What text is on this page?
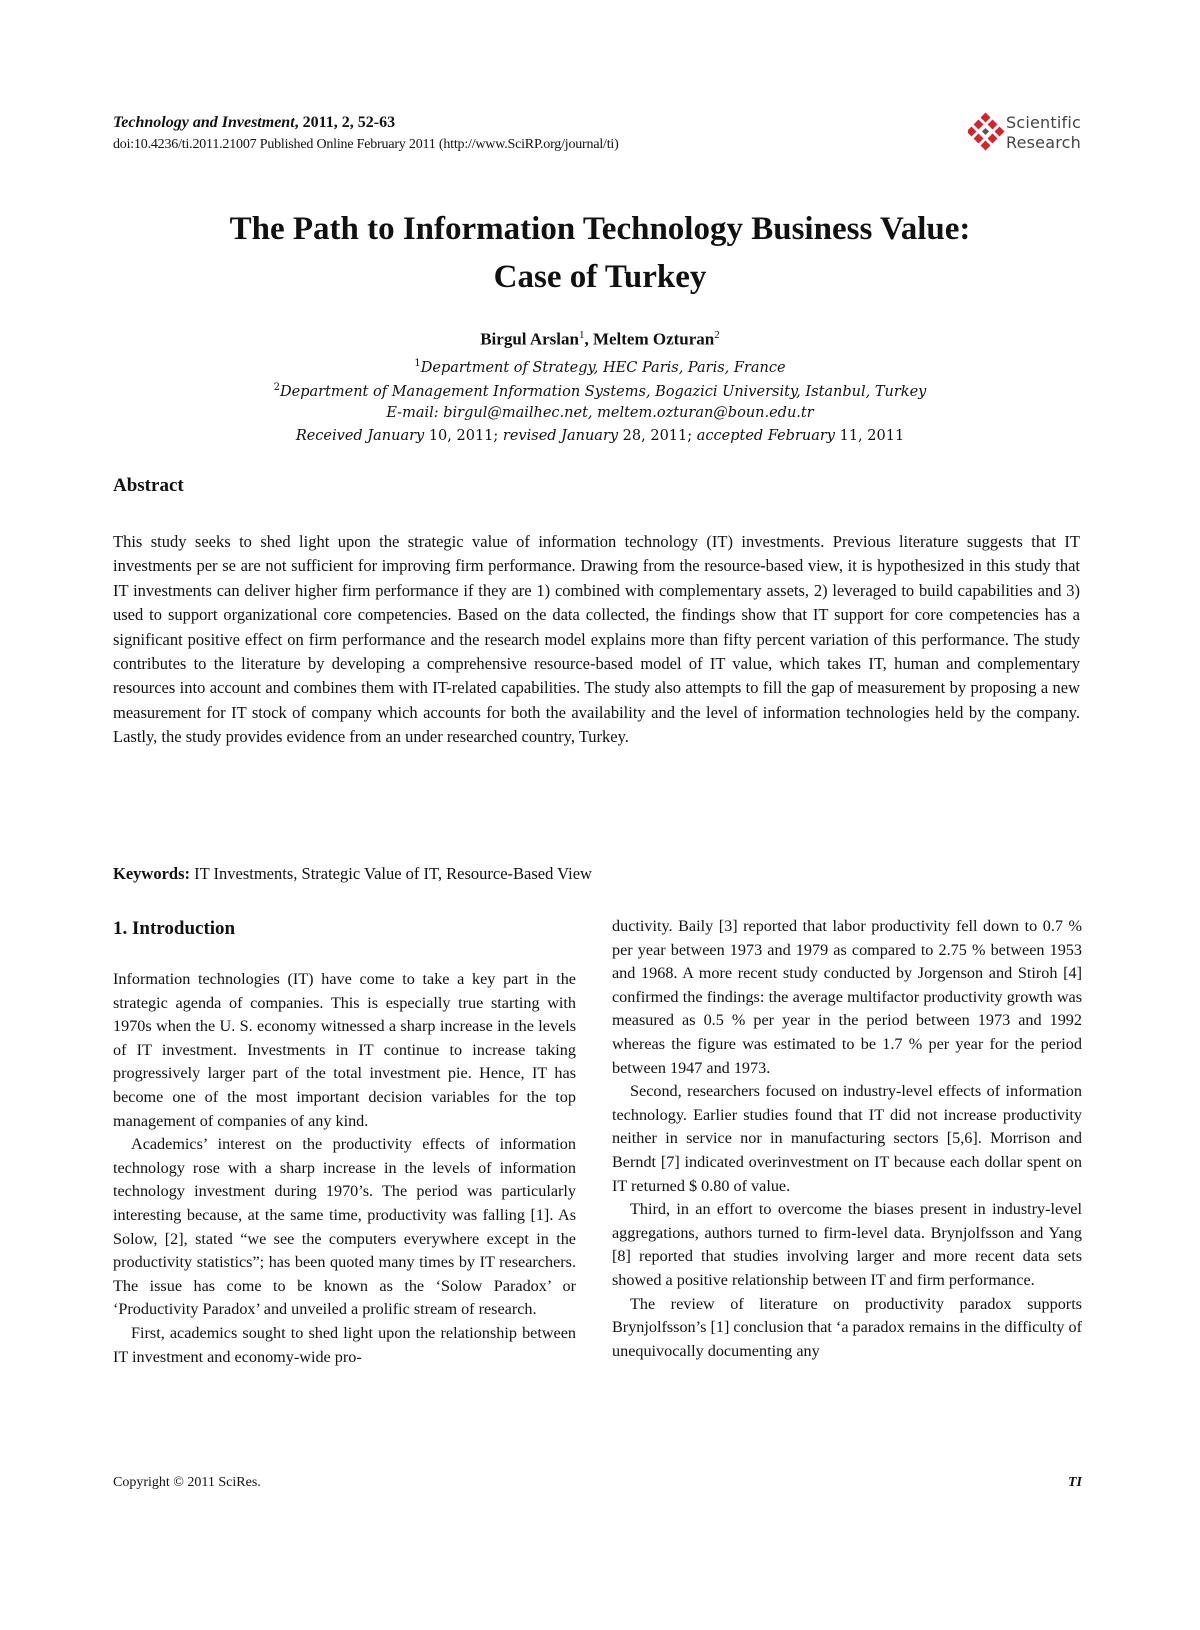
Technology and Investment, 2011, 2, 52-63
doi:10.4236/ti.2011.21007 Published Online February 2011 (http://www.SciRP.org/journal/ti)
Scientific
Research
The Path to Information Technology Business Value:
Case of Turkey
Birgul Arslan$^1$, Meltem Ozturan$^2$
$^1$Department of Strategy, HEC Paris, Paris, France
$^2$Department of Management Information Systems, Bogazici University, Istanbul, Turkey
E-mail: birgul@mailhec.net, meltem.ozturan@boun.edu.tr
Received January 10, 2011; revised January 28, 2011; accepted February 11, 2011
Abstract

This study seeks to shed light upon the strategic value of information technology (IT) investments. Previous literature suggests that IT investments per se are not sufficient for improving firm performance. Drawing from the resource-based view, it is hypothesized in this study that IT investments can deliver higher firm performance if they are 1) combined with complementary assets, 2) leveraged to build capabilities and 3) used to support organizational core competencies. Based on the data collected, the findings show that IT support for core competencies has a significant positive effect on firm performance and the research model explains more than fifty percent variation of this performance. The study contributes to the literature by developing a comprehensive resource-based model of IT value, which takes IT, human and complementary resources into account and combines them with IT-related capabilities. The study also attempts to fill the gap of measurement by proposing a new measurement for IT stock of company which accounts for both the availability and the level of information technologies held by the company. Lastly, the study provides evidence from an under researched country, Turkey.

Keywords: IT Investments, Strategic Value of IT, Resource-Based View
1. Introduction

Information technologies (IT) have come to take a key part in the strategic agenda of companies. This is especially true starting with 1970s when the U. S. economy witnessed a sharp increase in the levels of IT investment. Investments in IT continue to increase taking progressively larger part of the total investment pie. Hence, IT has become one of the most important decision variables for the top management of companies of any kind.

Academics’ interest on the productivity effects of information technology rose with a sharp increase in the levels of information technology investment during 1970’s. The period was particularly interesting because, at the same time, productivity was falling [1]. As Solow, [2], stated “we see the computers everywhere except in the productivity statistics”; has been quoted many times by IT researchers. The issue has come to be known as the ‘Solow Paradox’ or ‘Productivity Paradox’ and unveiled a prolific stream of research.

First, academics sought to shed light upon the relationship between IT investment and economy-wide pro-

ductivity. Baily [3] reported that labor productivity fell down to 0.7 % per year between 1973 and 1979 as compared to 2.75 % between 1953 and 1968. A more recent study conducted by Jorgenson and Stiroh [4] confirmed the findings: the average multifactor productivity growth was measured as 0.5 % per year in the period between 1973 and 1992 whereas the figure was estimated to be 1.7 % per year for the period between 1947 and 1973.

Second, researchers focused on industry-level effects of information technology. Earlier studies found that IT did not increase productivity neither in service nor in manufacturing sectors [5,6]. Morrison and Berndt [7] indicated overinvestment on IT because each dollar spent on IT returned $ 0.80 of value.

Third, in an effort to overcome the biases present in industry-level aggregations, authors turned to firm-level data. Brynjolfsson and Yang [8] reported that studies involving larger and more recent data sets showed a positive relationship between IT and firm performance.

The review of literature on productivity paradox supports Brynjolfsson’s [1] conclusion that ‘a paradox remains in the difficulty of unequivocally documenting any

Copyright © 2011 SciRes.	TI
